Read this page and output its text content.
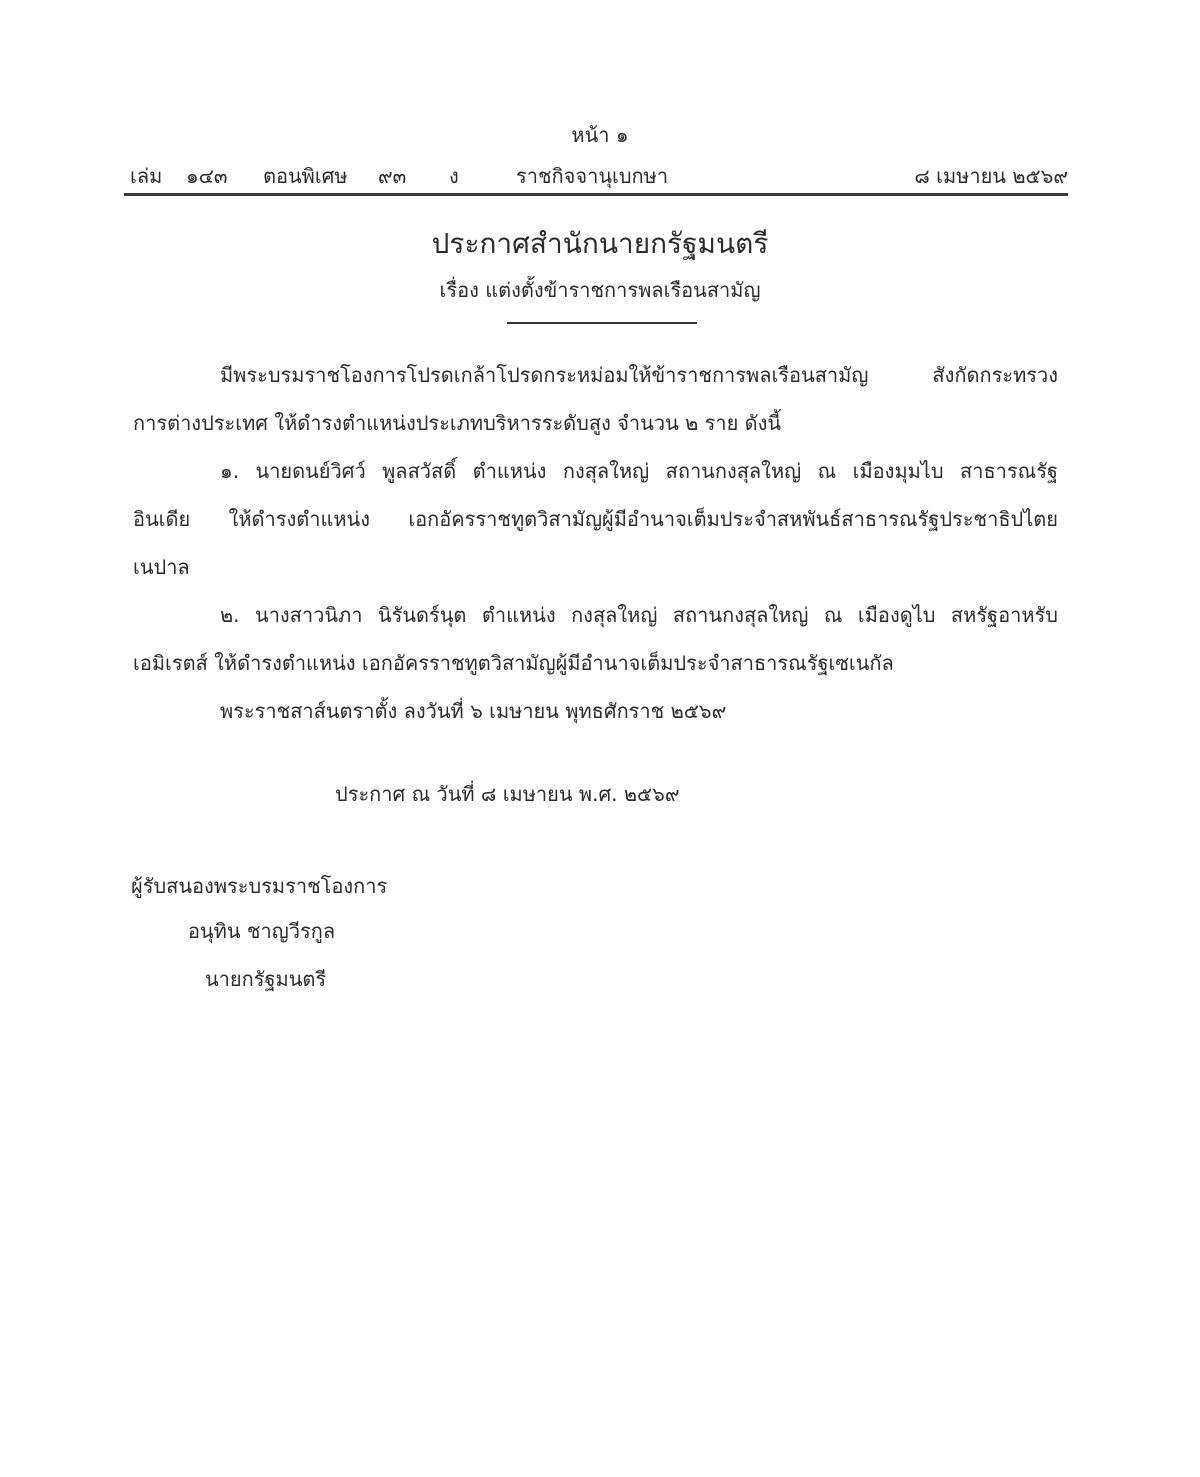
หน้า ๑
เล่ม ๑๔๓ ตอนพิเศษ ๙๓ ง	ราชกิจจานุเบกษา	๘ เมษายน ๒๕๖๙
ประกาศสำนักนายกรัฐมนตรี
เรื่อง แต่งตั้งข้าราชการพลเรือนสามัญ
มีพระบรมราชโองการโปรดเกล้าโปรดกระหม่อมให้ข้าราชการพลเรือนสามัญ	สังกัดกระทรวง
การต่างประเทศ ให้ดำรงตำแหน่งประเภทบริหารระดับสูง จำนวน ๒ ราย ดังนี้
๑. นายดนย์วิศว์ พูลสวัสดิ์ ตำแหน่ง กงสุลใหญ่ สถานกงสุลใหญ่ ณ เมืองมุมไบ สาธารณรัฐ
อินเดีย ให้ดำรงตำแหน่ง เอกอัครราชทูตวิสามัญผู้มีอำนาจเต็มประจำสหพันธ์สาธารณรัฐประชาธิปไตย
เนปาล
๒. นางสาวนิภา นิรันดร์นุต ตำแหน่ง กงสุลใหญ่ สถานกงสุลใหญ่ ณ เมืองดูไบ สหรัฐอาหรับ
เอมิเรตส์ ให้ดำรงตำแหน่ง เอกอัครราชทูตวิสามัญผู้มีอำนาจเต็มประจำสาธารณรัฐเซเนกัล
พระราชสาส์นตราตั้ง ลงวันที่ ๖ เมษายน พุทธศักราช ๒๕๖๙
ประกาศ ณ วันที่ ๘ เมษายน พ.ศ. ๒๕๖๙
ผู้รับสนองพระบรมราชโองการ
อนุทิน ชาญวีรกูล
นายกรัฐมนตรี
